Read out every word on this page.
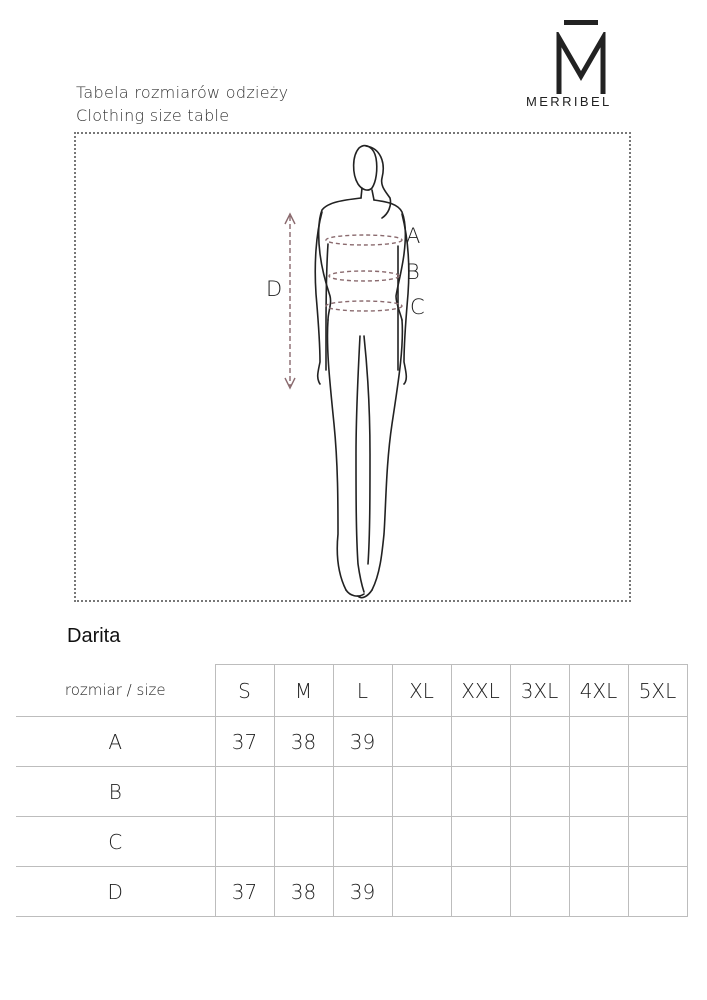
Tabela rozmiarów odzieży
Clothing size table
MERRIBEL
A
B
C
D
Darita
rozmiar / size	S	M	L	XL	XXL	3XL	4XL	5XL
A	37	38	39					
B								
C								
D	37	38	39					
